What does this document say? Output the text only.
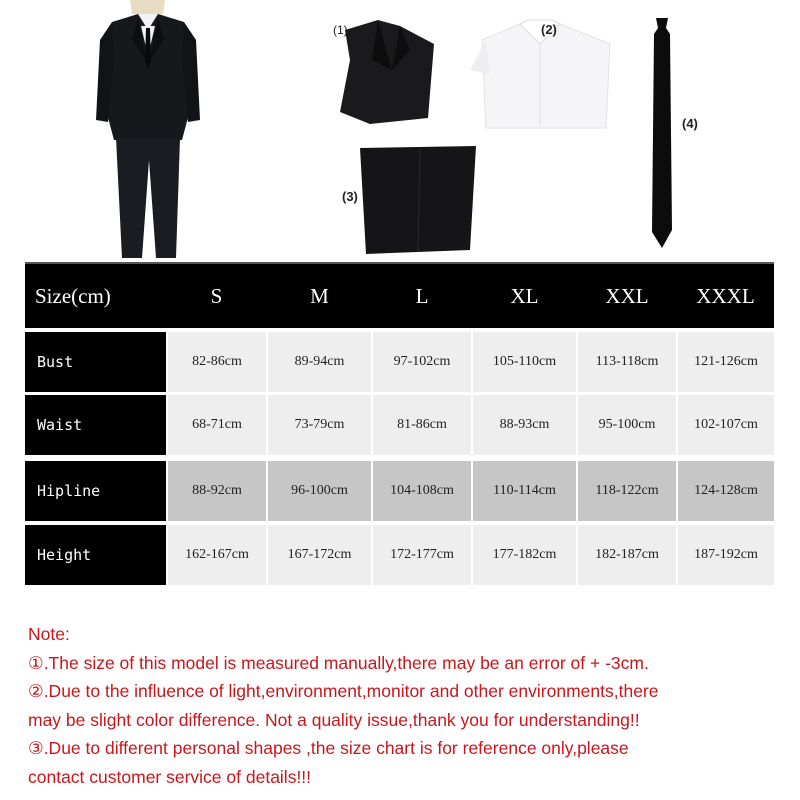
(1)	(2)
(3)
(4)
Size(cm)	S	M	L	XL	XXL	XXXL
Bust	82-86cm	89-94cm	97-102cm	105-110cm	113-118cm	121-126cm
Waist	68-71cm	73-79cm	81-86cm	88-93cm	95-100cm	102-107cm
Hipline	88-92cm	96-100cm	104-108cm	110-114cm	118-122cm	124-128cm
Height	162-167cm	167-172cm	172-177cm	177-182cm	182-187cm	187-192cm
Note:
①.The size of this model is measured manually,there may be an error of + -3cm.
②.Due to the influence of light,environment,monitor and other environments,there
may be slight color difference. Not a quality issue,thank you for understanding!!
③.Due to different personal shapes ,the size chart is for reference only,please
contact customer service of details!!!
